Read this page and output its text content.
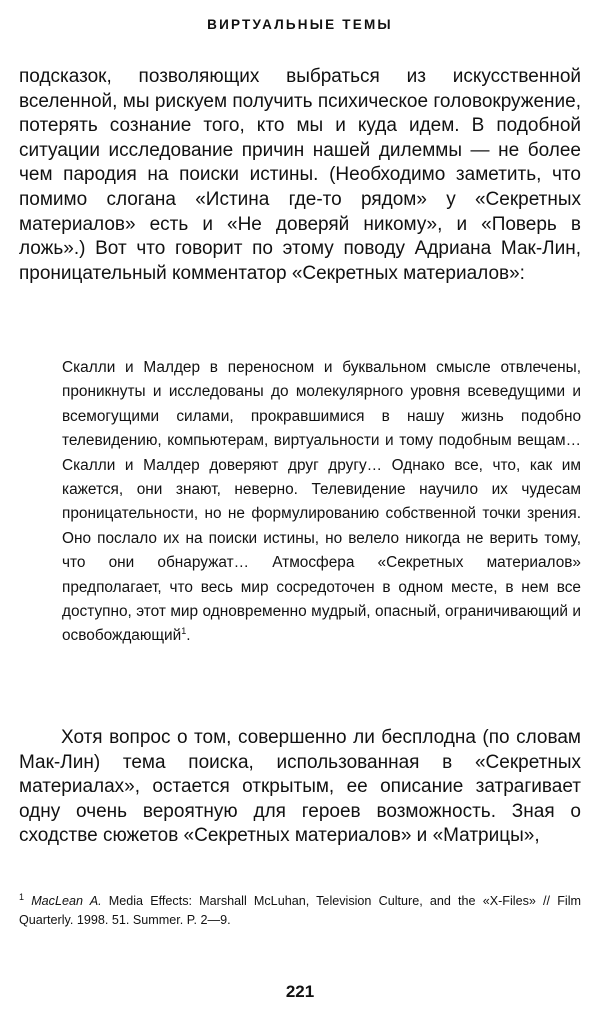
ВИРТУАЛЬНЫЕ ТЕМЫ

подсказок, позволяющих выбраться из искусственной вселенной, мы рискуем получить психическое головокружение, потерять сознание того, кто мы и куда идем. В подобной ситуации исследование причин нашей дилеммы — не более чем пародия на поиски истины. (Необходимо заметить, что помимо слогана «Истина где-то рядом» у «Секретных материалов» есть и «Не доверяй никому», и «Поверь в ложь».) Вот что говорит по этому поводу Адриана Мак-Лин, проницательный комментатор «Секретных материалов»:

Скалли и Малдер в переносном и буквальном смысле отвлечены, проникнуты и исследованы до молекулярного уровня всеведущими и всемогущими силами, прокравшимися в нашу жизнь подобно телевидению, компьютерам, виртуальности и тому подобным вещам… Скалли и Малдер доверяют друг другу… Однако все, что, как им кажется, они знают, неверно. Телевидение научило их чудесам проницательности, но не формулированию собственной точки зрения. Оно послало их на поиски истины, но велело никогда не верить тому, что они обнаружат… Атмосфера «Секретных материалов» предполагает, что весь мир сосредоточен в одном месте, в нем все доступно, этот мир одновременно мудрый, опасный, ограничивающий и освобождающий$^1$.

Хотя вопрос о том, совершенно ли бесплодна (по словам Мак-Лин) тема поиска, использованная в «Секретных материалах», остается открытым, ее описание затрагивает одну очень вероятную для героев возможность. Зная о сходстве сюжетов «Секретных материалов» и «Матрицы»,

$^1$ MacLean A. Media Effects: Marshall McLuhan, Television Culture, and the «X-Files» // Film Quarterly. 1998. 51. Summer. P. 2—9.

221
